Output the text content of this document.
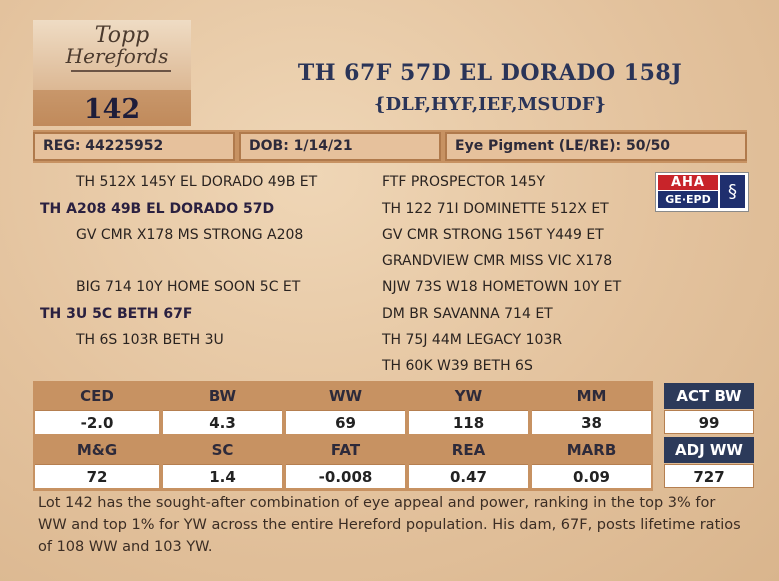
Topp
Herefords
142
TH 67F 57D EL DORADO 158J
{DLF,HYF,IEF,MSUDF}
REG: 44225952	DOB: 1/14/21	Eye Pigment (LE/RE): 50/50
TH 512X 145Y EL DORADO 49B ET
TH A208 49B EL DORADO 57D
GV CMR X178 MS STRONG A208
BIG 714 10Y HOME SOON 5C ET
TH 3U 5C BETH 67F
TH 6S 103R BETH 3U
FTF PROSPECTOR 145Y
TH 122 71I DOMINETTE 512X ET
GV CMR STRONG 156T Y449 ET
GRANDVIEW CMR MISS VIC X178
NJW 73S W18 HOMETOWN 10Y ET
DM BR SAVANNA 714 ET
TH 75J 44M LEGACY 103R
TH 60K W39 BETH 6S
AHA
GE·EPD §
CED	BW	WW	YW	MM
-2.0	4.3	69	118	38
M&G	SC	FAT	REA	MARB
72	1.4	-0.008	0.47	0.09
ACT BW
99
ADJ WW
727
Lot 142 has the sought-after combination of eye appeal and power, ranking in the top 3% for WW and top 1% for YW across the entire Hereford population. His dam, 67F, posts lifetime ratios of 108 WW and 103 YW.
